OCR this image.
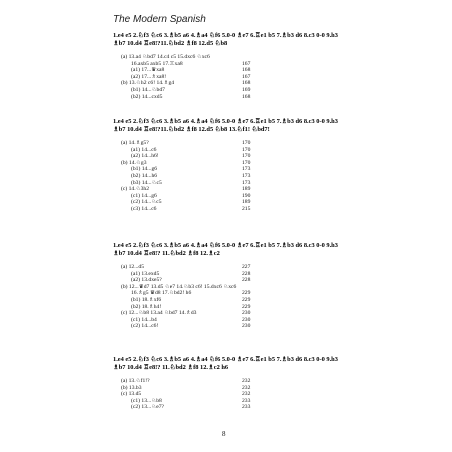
The Modern Spanish
1.e4 e5 2.♘f3 ♘c6 3.♗b5 a6 4.♗a4 ♘f6 5.0-0 ♗e7 6.♖e1 b5 7.♗b3 d6 8.c3 0-0 9.h3 ♗b7 10.d4 ♖e8!?11.♘bd2 ♗f8 12.d5 ♘b8
(a) 13.a4 ♘bd7 14.c4 c5 15.dxc6 ♘xc6
16.axb5 axb5 17.♖xa8	167
(a1) 17...♛xa8	168
(a2) 17...♗xa8!	167
(b) 13.♘h2 c6! 14.♗g4	168
(b1) 14...♘bd7	169
(b2) 14...cxd5	168
1.e4 e5 2.♘f3 ♘c6 3.♗b5 a6 4.♗a4 ♘f6 5.0-0 ♗e7 6.♖e1 b5 7.♗b3 d6 8.c3 0-0 9.h3 ♗b7 10.d4 ♖e8!?11.♘bd2 ♗f8 12.d5 ♘b8 13.♘f1! ♘bd7!
(a) 14.♗g5?	170
(a1) 14...c6	170
(a2) 14...h6!	170
(b) 14.♘g3	170
(b1) 14...g6	173
(b2) 14...h6	173
(b3) 14...♘c5	173
(c) 14.♘3h2	189
(c1) 14...g6	190
(c2) 14...♘c5	189
(c3) 14...c6	215
1.e4 e5 2.♘f3 ♘c6 3.♗b5 a6 4.♗a4 ♘f6 5.0-0 ♗e7 6.♖e1 b5 7.♗b3 d6 8.c3 0-0 9.h3 ♗b7 10.d4 ♖e8!? 11.♘bd2 ♗f8 12.♗c2
(a) 12...d5	227
(a1) 13.exd5	228
(a2) 13.dxe5?	228
(b) 12...♛d7 13.d5 ♘e7 14.♘b3 c6! 15.dxc6 ♘xc6
16.♗g5 ♛d8 17.♘bd2! h6	229
(b1) 18.♗xf6	229
(b2) 18.♗h4!	229
(c) 12...♘b8 13.a4 ♘bd7 14.♗d3	230
(c1) 14...b4	230
(c2) 14...c6!	230
1.e4 e5 2.♘f3 ♘c6 3.♗b5 a6 4.♗a4 ♘f6 5.0-0 ♗e7 6.♖e1 b5 7.♗b3 d6 8.c3 0-0 9.h3 ♗b7 10.d4 ♖e8!? 11.♘bd2 ♗f8 12.♗c2 h6
(a) 13.♘f1!?	232
(b) 13.b3	232
(c) 13.d5	232
(c1) 13...♘b8	233
(c2) 13...♘e7?	233
8
